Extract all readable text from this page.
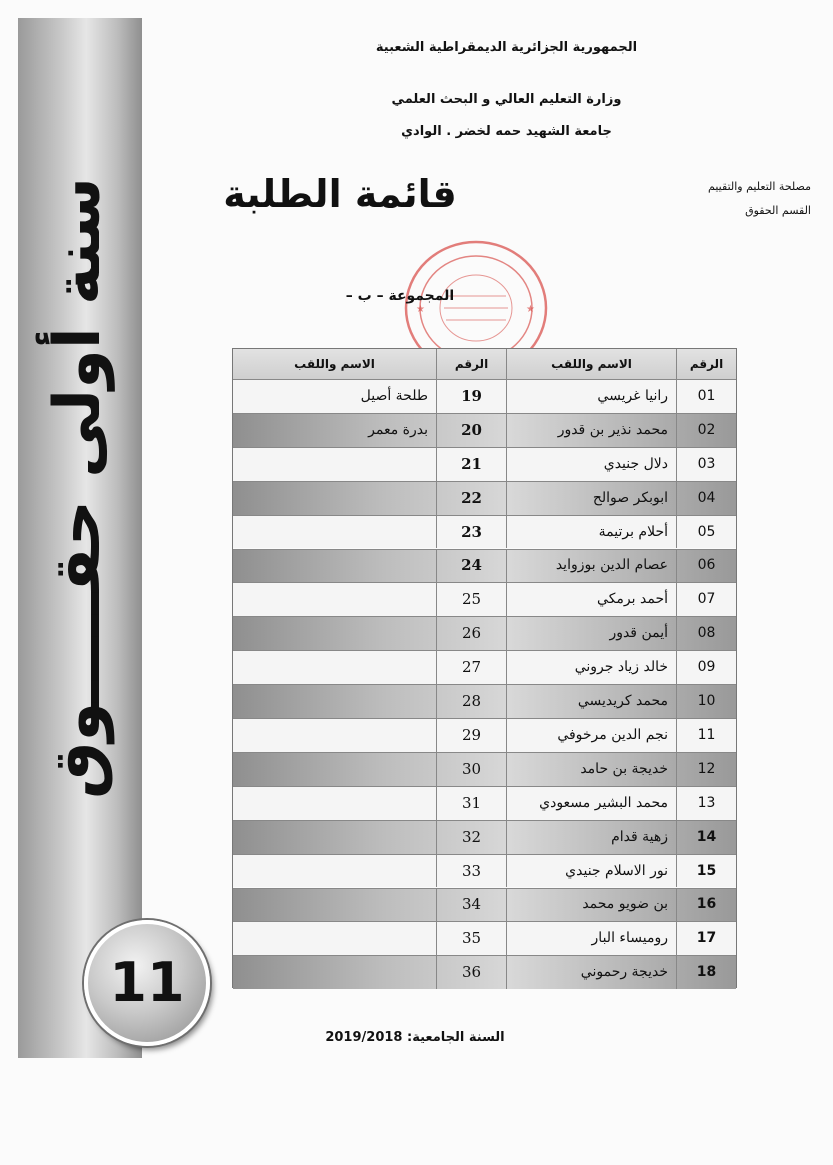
سنة أولى حقـــــوق
11
الجمهورية الجزائرية الديمقراطية الشعبية
وزارة التعليم العالي و البحث العلمي
جامعة الشهيد حمه لخضر . الوادي
مصلحة التعليم والتقييم
القسم الحقوق
قائمة الطلبة
★	★
المجموعة – ب –
الرقم
الاسم واللقب
الرقم
الاسم واللقب
01
رانيا غريسي
19
طلحة أصيل
02
محمد نذير بن قدور
20
بدرة معمر
03
دلال جنيدي
21
04
ابوبكر صوالح
22
05
أحلام برتيمة
23
06
عصام الدين بوزوايد
24
07
أحمد برمكي
25
08
أيمن قدور
26
09
خالد زياد جروني
27
10
محمد كريديسي
28
11
نجم الدين مرخوفي
29
12
خديجة بن حامد
30
13
محمد البشير مسعودي
31
14
زهية قدام
32
15
نور الاسلام جنيدي
33
16
بن ضويو محمد
34
17
روميساء البار
35
18
خديجة رحموني
36
السنة الجامعية: 2019/2018
